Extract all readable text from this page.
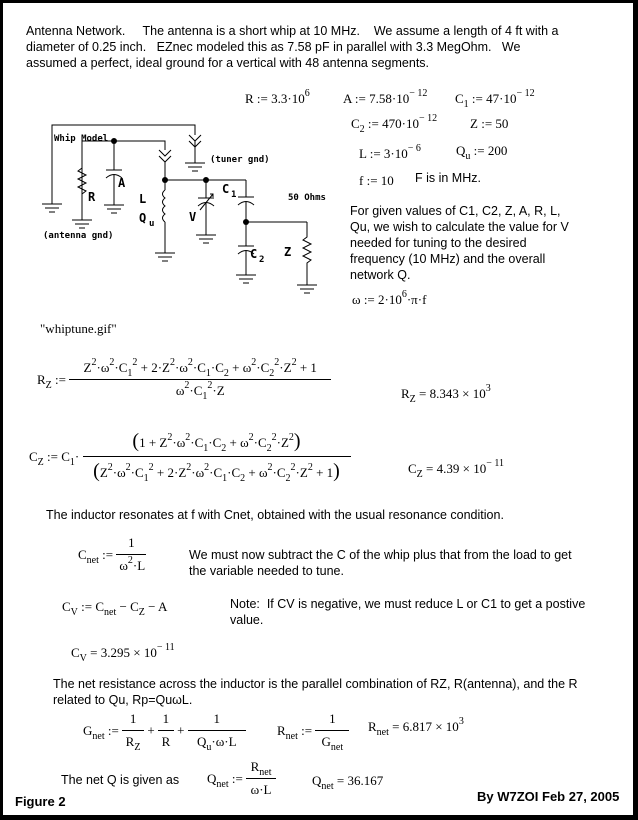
Antenna Network.     The antenna is a short whip at 10 MHz.    We assume a length of 4 ft with a
diameter of 0.25 inch.   EZnec modeled this as 7.58 pF in parallel with 3.3 MegOhm.   We
assumed a perfect, ideal ground for a vertical with 48 antenna segments.
R := $3.3\cdot 10^6$	A := $7.58\cdot 10^{- 12}$ $C_1$ := $47\cdot 10^{- 12}$
$C_2$ := $470\cdot 10^{- 12}$	Z := 50
L := $3\cdot 10^{- 6}$	$Q_u$ := 200
f := 10 F is in MHz.
For given values of C1, C2, Z, A, R, L,
Qu, we wish to calculate the value for V
needed for tuning to the desired
frequency (10 MHz) and the overall
network Q.
ω := $2\cdot 10^6\cdot\pi\cdot f$
Whip Model
(tuner gnd)
(antenna gnd)
50 Ohms
R
A
L
Q u	V
C 1
C 2
Z
"whiptune.gif"
$R_Z$ := $\frac{Z^2\cdot\omega^2\cdot C_1^2 + 2\cdot Z^2\cdot\omega^2\cdot C_1\cdot C_2 + \omega^2\cdot C_2^2\cdot Z^2 + 1}{\omega^2\cdot C_1^2\cdot Z}$	$R_Z = 8.343 \times 10^3$
$C_Z$ := $C_1\cdot \frac{(1 + Z^2\cdot\omega^2\cdot C_1\cdot C_2 + \omega^2\cdot C_2^2\cdot Z^2)}{(Z^2\cdot\omega^2\cdot C_1^2 + 2\cdot Z^2\cdot\omega^2\cdot C_1\cdot C_2 + \omega^2\cdot C_2^2\cdot Z^2 + 1)}$	$C_Z = 4.39 \times 10^{- 11}$
The inductor resonates at f with Cnet, obtained with the usual resonance condition.
$C_{net}$ := $\frac{1}{\omega^2\cdot L}$	We must now subtract the C of the whip plus that from the load to get
the variable needed to tune.
$C_V$ := $C_{net} - C_Z - A$	Note:  If CV is negative, we must reduce L or C1 to get a postive
value.
$C_V = 3.295 \times 10^{- 11}$
The net resistance across the inductor is the parallel combination of RZ, R(antenna), and the R
related to Qu, Rp=QuωL.
$G_{net}$ := $\frac{1}{R_Z} + \frac{1}{R} + \frac{1}{Q_u\cdot\omega\cdot L} R_{net}$ := $\frac{1}{G_{net}} R_{net} = 6.817 \times 10^3$
The net Q is given as $Q_{net}$ := $\frac{R_{net}}{\omega\cdot L}$	$Q_{net} = 36.167$
Figure 2	By W7ZOI Feb 27, 2005
